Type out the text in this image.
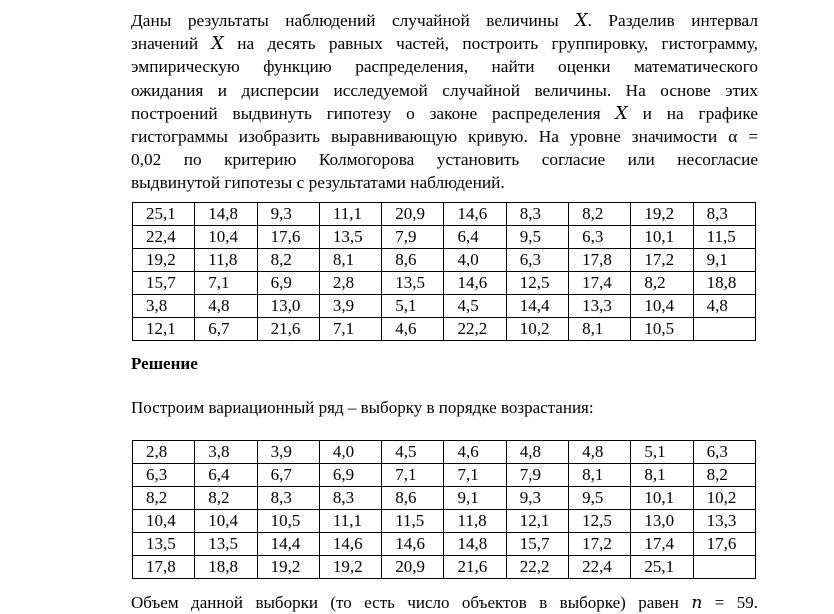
Даны результаты наблюдений случайной величины 𝑋. Разделив интервал
значений 𝑋 на десять равных частей, построить группировку, гистограмму,
эмпирическую функцию распределения, найти оценки математического
ожидания и дисперсии исследуемой случайной величины. На основе этих
построений выдвинуть гипотезу о законе распределения 𝑋 и на графике
гистограммы изобразить выравнивающую кривую. На уровне значимости α =
0,02 по критерию Колмогорова установить согласие или несогласие
выдвинутой гипотезы с результатами наблюдений.
25,1	14,8	9,3	11,1	20,9	14,6	8,3	8,2	19,2	8,3
22,4	10,4	17,6	13,5	7,9	6,4	9,5	6,3	10,1	11,5
19,2	11,8	8,2	8,1	8,6	4,0	6,3	17,8	17,2	9,1
15,7	7,1	6,9	2,8	13,5	14,6	12,5	17,4	8,2	18,8
3,8	4,8	13,0	3,9	5,1	4,5	14,4	13,3	10,4	4,8
12,1	6,7	21,6	7,1	4,6	22,2	10,2	8,1	10,5	

Решение

Построим вариационный ряд – выборку в порядке возрастания:

2,8	3,8	3,9	4,0	4,5	4,6	4,8	4,8	5,1	6,3
6,3	6,4	6,7	6,9	7,1	7,1	7,9	8,1	8,1	8,2
8,2	8,2	8,3	8,3	8,6	9,1	9,3	9,5	10,1	10,2
10,4	10,4	10,5	11,1	11,5	11,8	12,1	12,5	13,0	13,3
13,5	13,5	14,4	14,6	14,6	14,8	15,7	17,2	17,4	17,6
17,8	18,8	19,2	19,2	20,9	21,6	22,2	22,4	25,1	

Объем данной выборки (то есть число объектов в выборке) равен 𝑛 = 59.
